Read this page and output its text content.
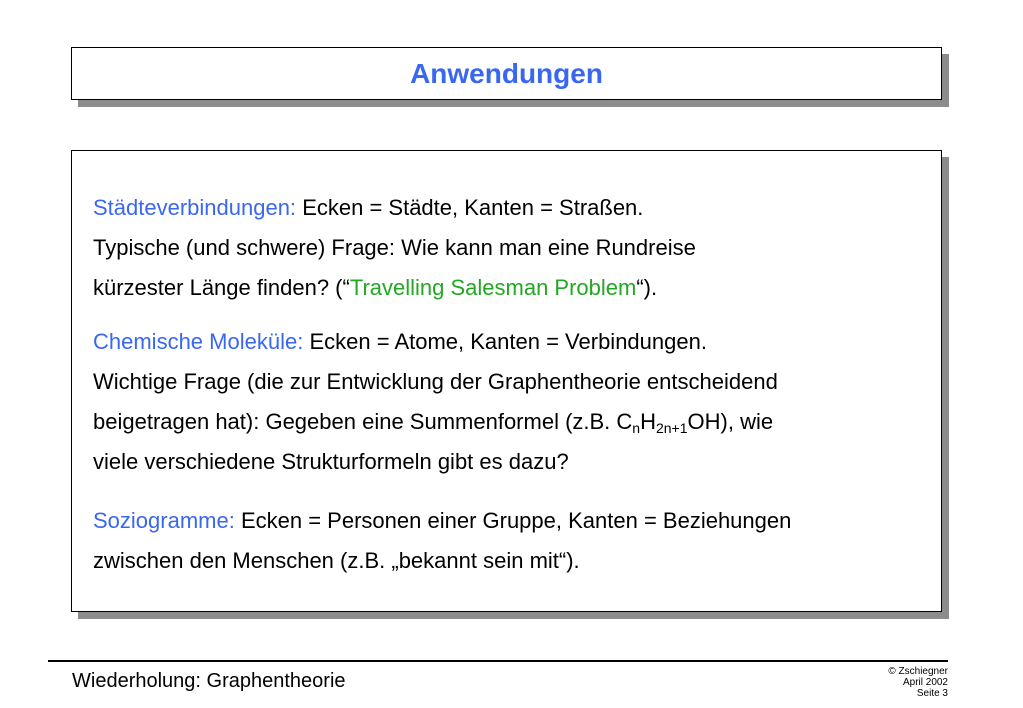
Anwendungen
Städteverbindungen: Ecken = Städte, Kanten = Straßen.
Typische (und schwere) Frage: Wie kann man eine Rundreise
kürzester Länge finden? (“Travelling Salesman Problem“).
Chemische Moleküle: Ecken = Atome, Kanten = Verbindungen.
Wichtige Frage (die zur Entwicklung der Graphentheorie entscheidend
beigetragen hat): Gegeben eine Summenformel (z.B. $C_nH_{2n+1}OH$), wie
viele verschiedene Strukturformeln gibt es dazu?
Soziogramme: Ecken = Personen einer Gruppe, Kanten = Beziehungen
zwischen den Menschen (z.B. „bekannt sein mit“).
Wiederholung: Graphentheorie	© Zschiegner
April 2002
Seite 3
